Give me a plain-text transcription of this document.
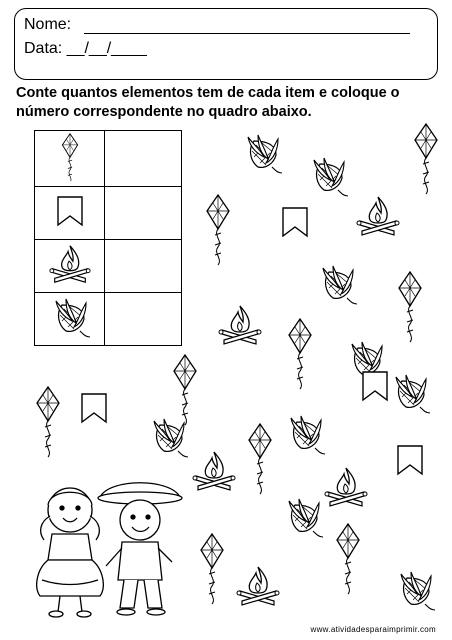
Nome:
Data: __/__/____
Conte quantos elementos tem de cada item e coloque o número correspondente no quadro abaixo.

www.atividadesparaimprimir.com
